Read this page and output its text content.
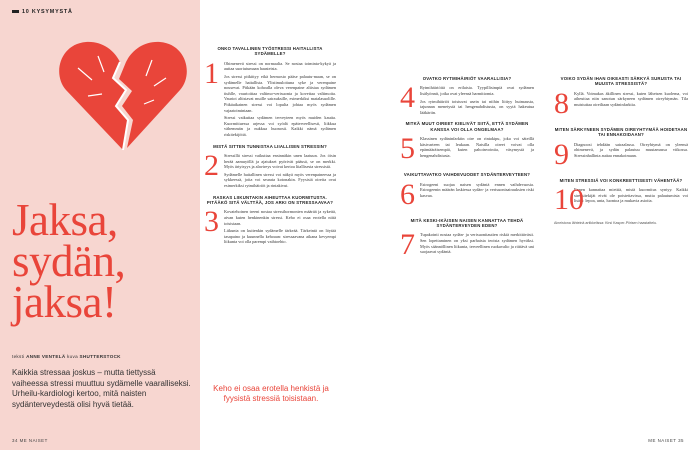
10 KYSYMYSTÄ
Jaksa,
sydän,
jaksa!
teksti ANNE VENTELÄ kuva SHUTTERSTOCK
Kaikkia stressaa joskus – mutta tiettyssä vaiheessa stressi muuttuu sydämelle vaaralliseksi. Urheilu-kardiologi kertoo, mitä naisten sydänterveydestä olisi hyvä tietää.
34 ME NAISET
ONKO TAVALLINEN TYÖSTRESSI HAITALLISTA SYDÄMELLE?
1 Ohimenevä stressi on normaalia. Se nostaa toiminta-kykyä ja auttaa suoriutumaan haasteista.
Jos stressi pitkittyy eikä hermosto pääse palautu-maan, se on sydämelle haitallista. Ylistimuloituna syke ja verenpaine nousevat. Pitkään kohoalla oleva verenpaine altistaa sydämen tiuhlle, vaurioittaa valtimo-verisuonia ja kovettaa valtimoita. Vauriot altistavat muille sairauksille, esimerkiksi matalasuolille. Pitkäaikainen stressi voi lopulta johtaa myös sydämen vajaatoimintaan.
Stressi vaikuttaa sydämen terveyteen myös muiden kautta. Kuormittuessa arjessa voi syödä epäterveellisesti, liikkua vähemmän ja nukkua huonosti. Kaikki nämä sydämen riskitekijöitä.
MISTÄ SITTEN TUNNISTAA LIIALLISEN STRESSIN?
2 Stressillä stressi vaikuttaa ensinnäkin unen laatuun. Jos öisin herää aamuyöllä ja ajatukset pyörivät päässä, se on merkki. Myös ärtyisyys ja alavireys voivat kertoa liiallisesta stressistä.
Sydämelle haitallinen stressi voi näkyä myös verenpaineessa ja sykkeessä, joita voi seurata kotonakin. Fyysisiä oireita ovat esimerkiksi rytmihäiriöt ja rintakivut.
RASKAS LIIKUNTAKIN AIHEUTTAA KUORMITUSTA. PITÄÄKÖ SITÄ VÄLTTÄÄ, JOS ARKI ON STRESSAAVAA?
3 Kovatehoinen treeni nostaa stressihormonien määrää ja sykettä, aivan kuten henkinenkin stressi. Keho ei osaa erotella niitä toisistaan.
Liikunta on kuitenkin sydämelle tärkeää. Tärkeintä on löytää tasapaino ja kuunnella kehoaan: stressaavana aikana kevyempi liikunta voi olla parempi vaihtoehto.
Keho ei osaa erotella henkistä ja fyysistä stressiä toisistaan.
OVATKO RYTMIHÄIRIÖT VAARALLISIA?
4 Rytmihäiriöitä on erilaisia. Tyypillisimpiä ovat sydämen lisälyönnit, jotka ovat yleensä harmittomia.
Jos rytmihäiriöt toistuvat usein tai niihin liittyy huimausta, tajunnan menetystä tai hengenahdistusta, on syytä hakeutua lääkäriin.
MITKÄ MUUT OIREET KIELIVÄT SIITÄ, ETTÄ SYDÄMEN KANSSA VOI OLLA ONGELMAA?
5 Klassinen sydäninfarktin oire on rintakipu, joka voi säteillä käsivarteen tai leukaan. Naisilla oireet voivat olla epämääräisempiä, kuten pahoinvointia, väsymystä ja hengenahdistusta.
VAIKUTTAVATKO VAIHDEVUODET SYDÄNTERVEYTEEN?
6 Estrogeeni suojaa naisen sydäntä ennen vaihdevuosia. Estrogeenin määrän laskiessa sydän- ja verisuonisairauksien riski kasvaa.
MITÄ KESKI-IKÄISEN NAISEN KANNATTAA TEHDÄ SYDÄNTERVEYDEN EDEN?
7 Tupakointi nostaa sydän- ja verisuonitautien riskiä merkittävästi. Sen lopettaminen on yksi parhaista teoista sydämen hyväksi. Myös säännöllinen liikunta, terveellinen ruokavalio ja riittävä uni suojaavat sydäntä.
VOIKO SYDÄN IHAN OIKEASTI SÄRKYÄ SURUSTA TAI MUUSTA STRESSISTÄ?
8 Kyllä. Voimakas äkillinen stressi, kuten läheisen kuolema, voi aiheuttaa niin sanotun särkyneen sydämen oireyhtymän. Tila muistuttaa oireiltaan sydäninfarktia.
MITEN SÄRKYNEEN SYDÄMEN OIREYHTYMÄÄ HOIDETAAN TAI ENNAKOIDAAN?
9 Diagnoosi tehdään sairaalassa. Oireyhtymä on yleensä ohimenevä, ja sydän palautuu muutamassa viikossa. Stressinhallinta auttaa ennakoimaan.
MITEN STRESSIÄ VOI KONKREETTISESTI VÄHENTÄÄ?
10
Ennen kannattaa miettiä, mistä kuormitus syntyy. Kaikki stressitekijät eivät ole poistettavissa, mutta palautumista voi lisätä: lepoa, unta, luontoa ja mukavia asioita.
Aineistona lähteinä artikkelissa: Kirsi Kasper-Piirisen haastattelu.
ME NAISET 35
